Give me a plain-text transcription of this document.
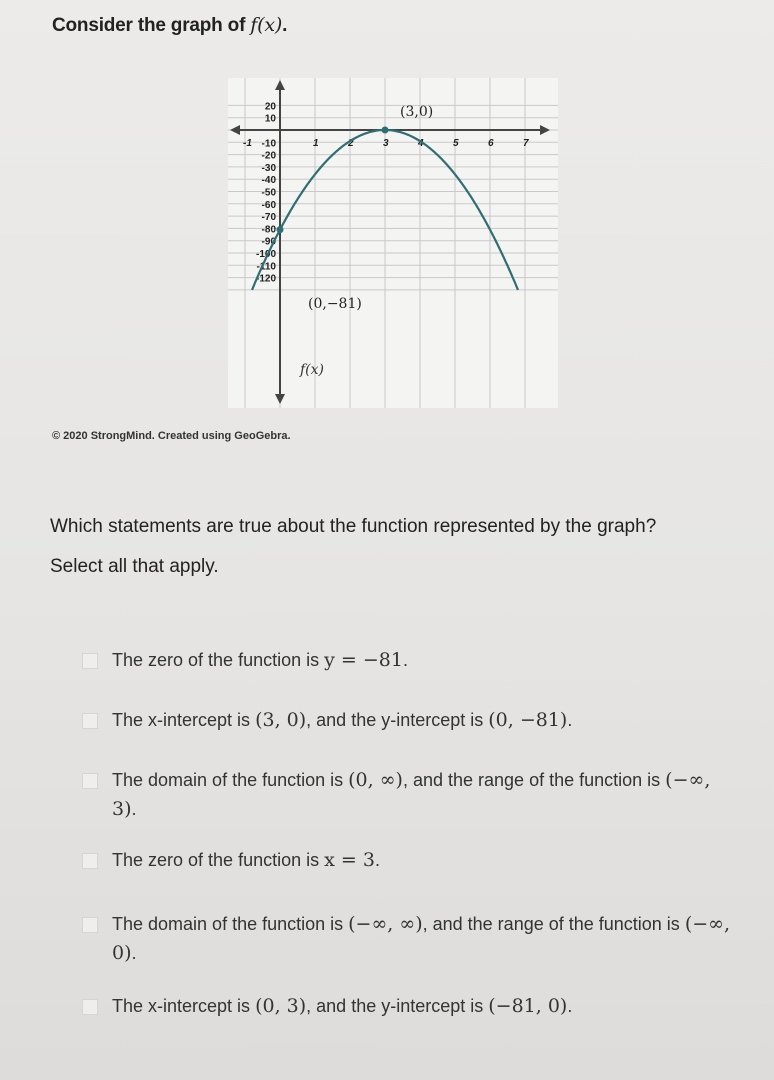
Consider the graph of f(x).
20
10
-10
-20
-30
-40
-50
-60
-70
-80
-90
-100
-110
-120
-1	1	2	3	4	5	6	7
(3,0)
(0,−81)
f(x)
© 2020 StrongMind. Created using GeoGebra.
Which statements are true about the function represented by the graph?
Select all that apply.
The zero of the function is y = −81.
The x-intercept is (3, 0), and the y-intercept is (0, −81).
The domain of the function is (0, ∞), and the range of the function is (−∞, 3).
The zero of the function is x = 3.
The domain of the function is (−∞, ∞), and the range of the function is (−∞, 0).
The x-intercept is (0, 3), and the y-intercept is (−81, 0).
